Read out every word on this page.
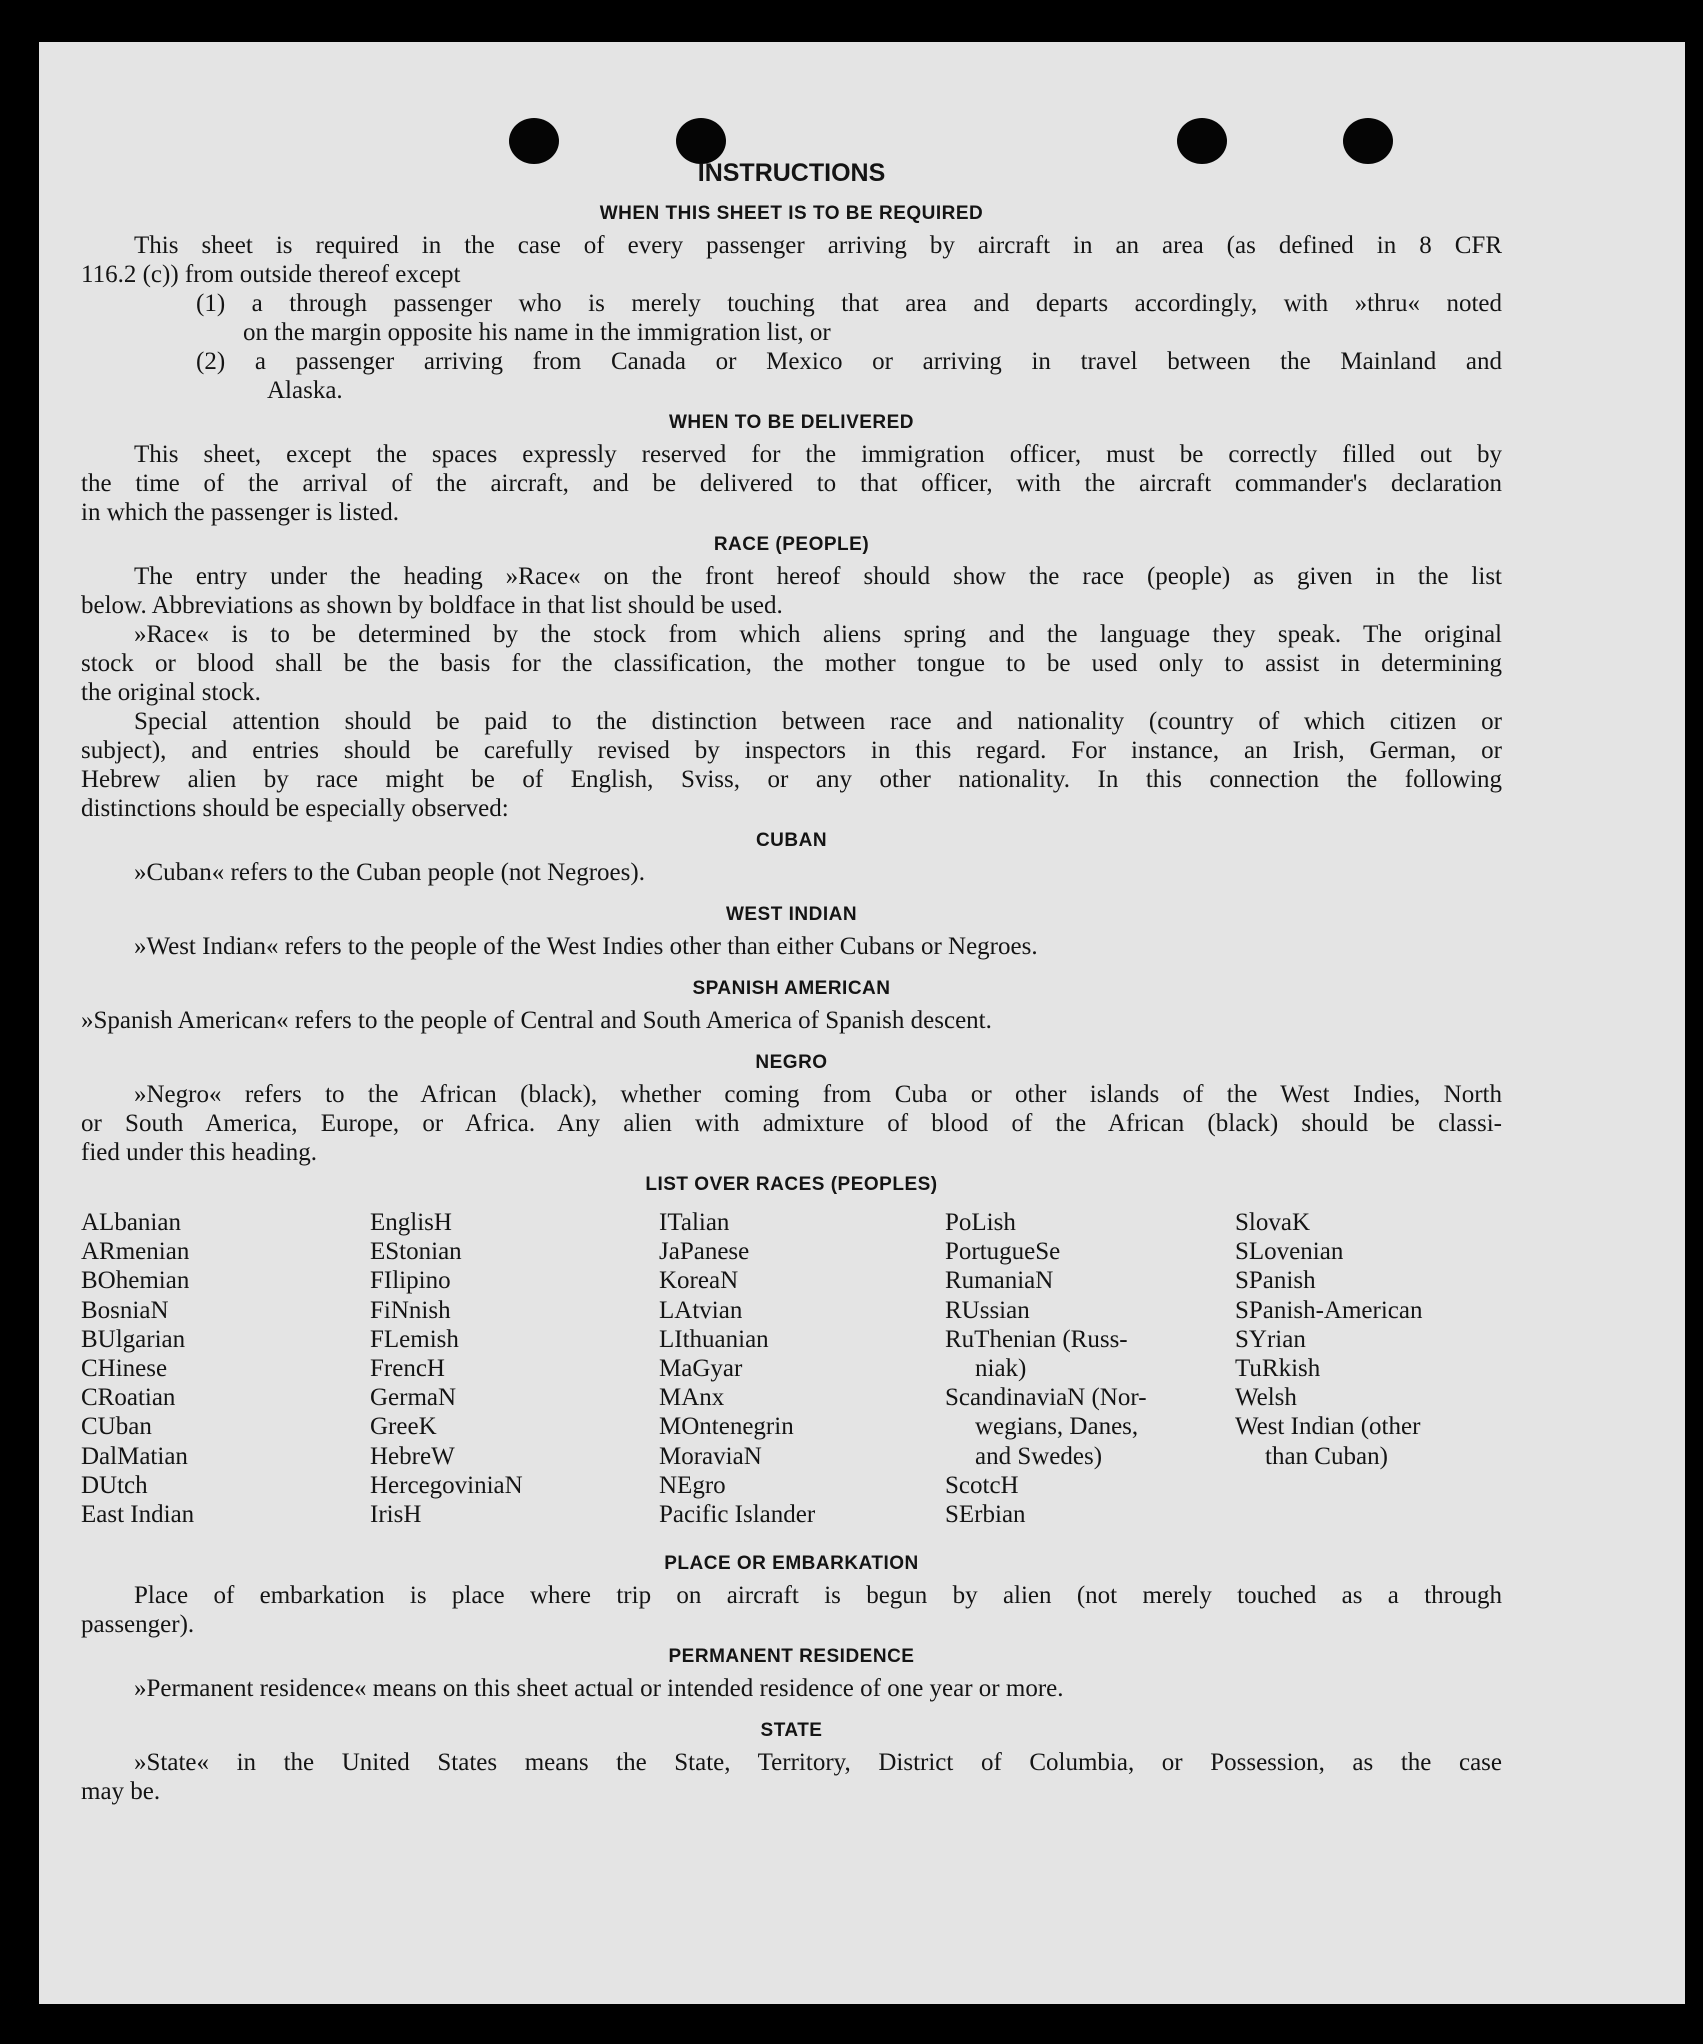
INSTRUCTIONS
WHEN THIS SHEET IS TO BE REQUIRED
This sheet is required in the case of every passenger arriving by aircraft in an area (as defined in 8 CFR
116.2 (c)) from outside thereof except
(1) a through passenger who is merely touching that area and departs accordingly, with »thru« noted
on the margin opposite his name in the immigration list, or
(2) a passenger arriving from Canada or Mexico or arriving in travel between the Mainland and
Alaska.
WHEN TO BE DELIVERED
This sheet, except the spaces expressly reserved for the immigration officer, must be correctly filled out by
the time of the arrival of the aircraft, and be delivered to that officer, with the aircraft commander's declaration
in which the passenger is listed.
RACE (PEOPLE)
The entry under the heading »Race« on the front hereof should show the race (people) as given in the list
below. Abbreviations as shown by boldface in that list should be used.
»Race« is to be determined by the stock from which aliens spring and the language they speak. The original
stock or blood shall be the basis for the classification, the mother tongue to be used only to assist in determining
the original stock.
Special attention should be paid to the distinction between race and nationality (country of which citizen or
subject), and entries should be carefully revised by inspectors in this regard. For instance, an Irish, German, or
Hebrew alien by race might be of English, Sviss, or any other nationality. In this connection the following
distinctions should be especially observed:
CUBAN
»Cuban« refers to the Cuban people (not Negroes).
WEST INDIAN
»West Indian« refers to the people of the West Indies other than either Cubans or Negroes.
SPANISH AMERICAN
»Spanish American« refers to the people of Central and South America of Spanish descent.
NEGRO
»Negro« refers to the African (black), whether coming from Cuba or other islands of the West Indies, North
or South America, Europe, or Africa. Any alien with admixture of blood of the African (black) should be classi-
fied under this heading.
LIST OVER RACES (PEOPLES)
ALbanian
ARmenian
BOhemian
BosniaN
BUlgarian
CHinese
CRoatian
CUban
DalMatian
DUtch
East Indian
EnglisH
EStonian
FIlipino
FiNnish
FLemish
FrencH
GermaN
GreeK
HebreW
HercegoviniaN
IrisH
ITalian
JaPanese
KoreaN
LAtvian
LIthuanian
MaGyar
MAnx
MOntenegrin
MoraviaN
NEgro
Pacific Islander
PoLish
PortugueSe
RumaniaN
RUssian
RuThenian (Russ-
niak)
ScandinaviaN (Nor-
wegians, Danes,
and Swedes)
ScotcH
SErbian
SlovaK
SLovenian
SPanish
SPanish-American
SYrian
TuRkish
Welsh
West Indian (other
than Cuban)
PLACE OR EMBARKATION
Place of embarkation is place where trip on aircraft is begun by alien (not merely touched as a through
passenger).
PERMANENT RESIDENCE
»Permanent residence« means on this sheet actual or intended residence of one year or more.
STATE
»State« in the United States means the State, Territory, District of Columbia, or Possession, as the case
may be.
